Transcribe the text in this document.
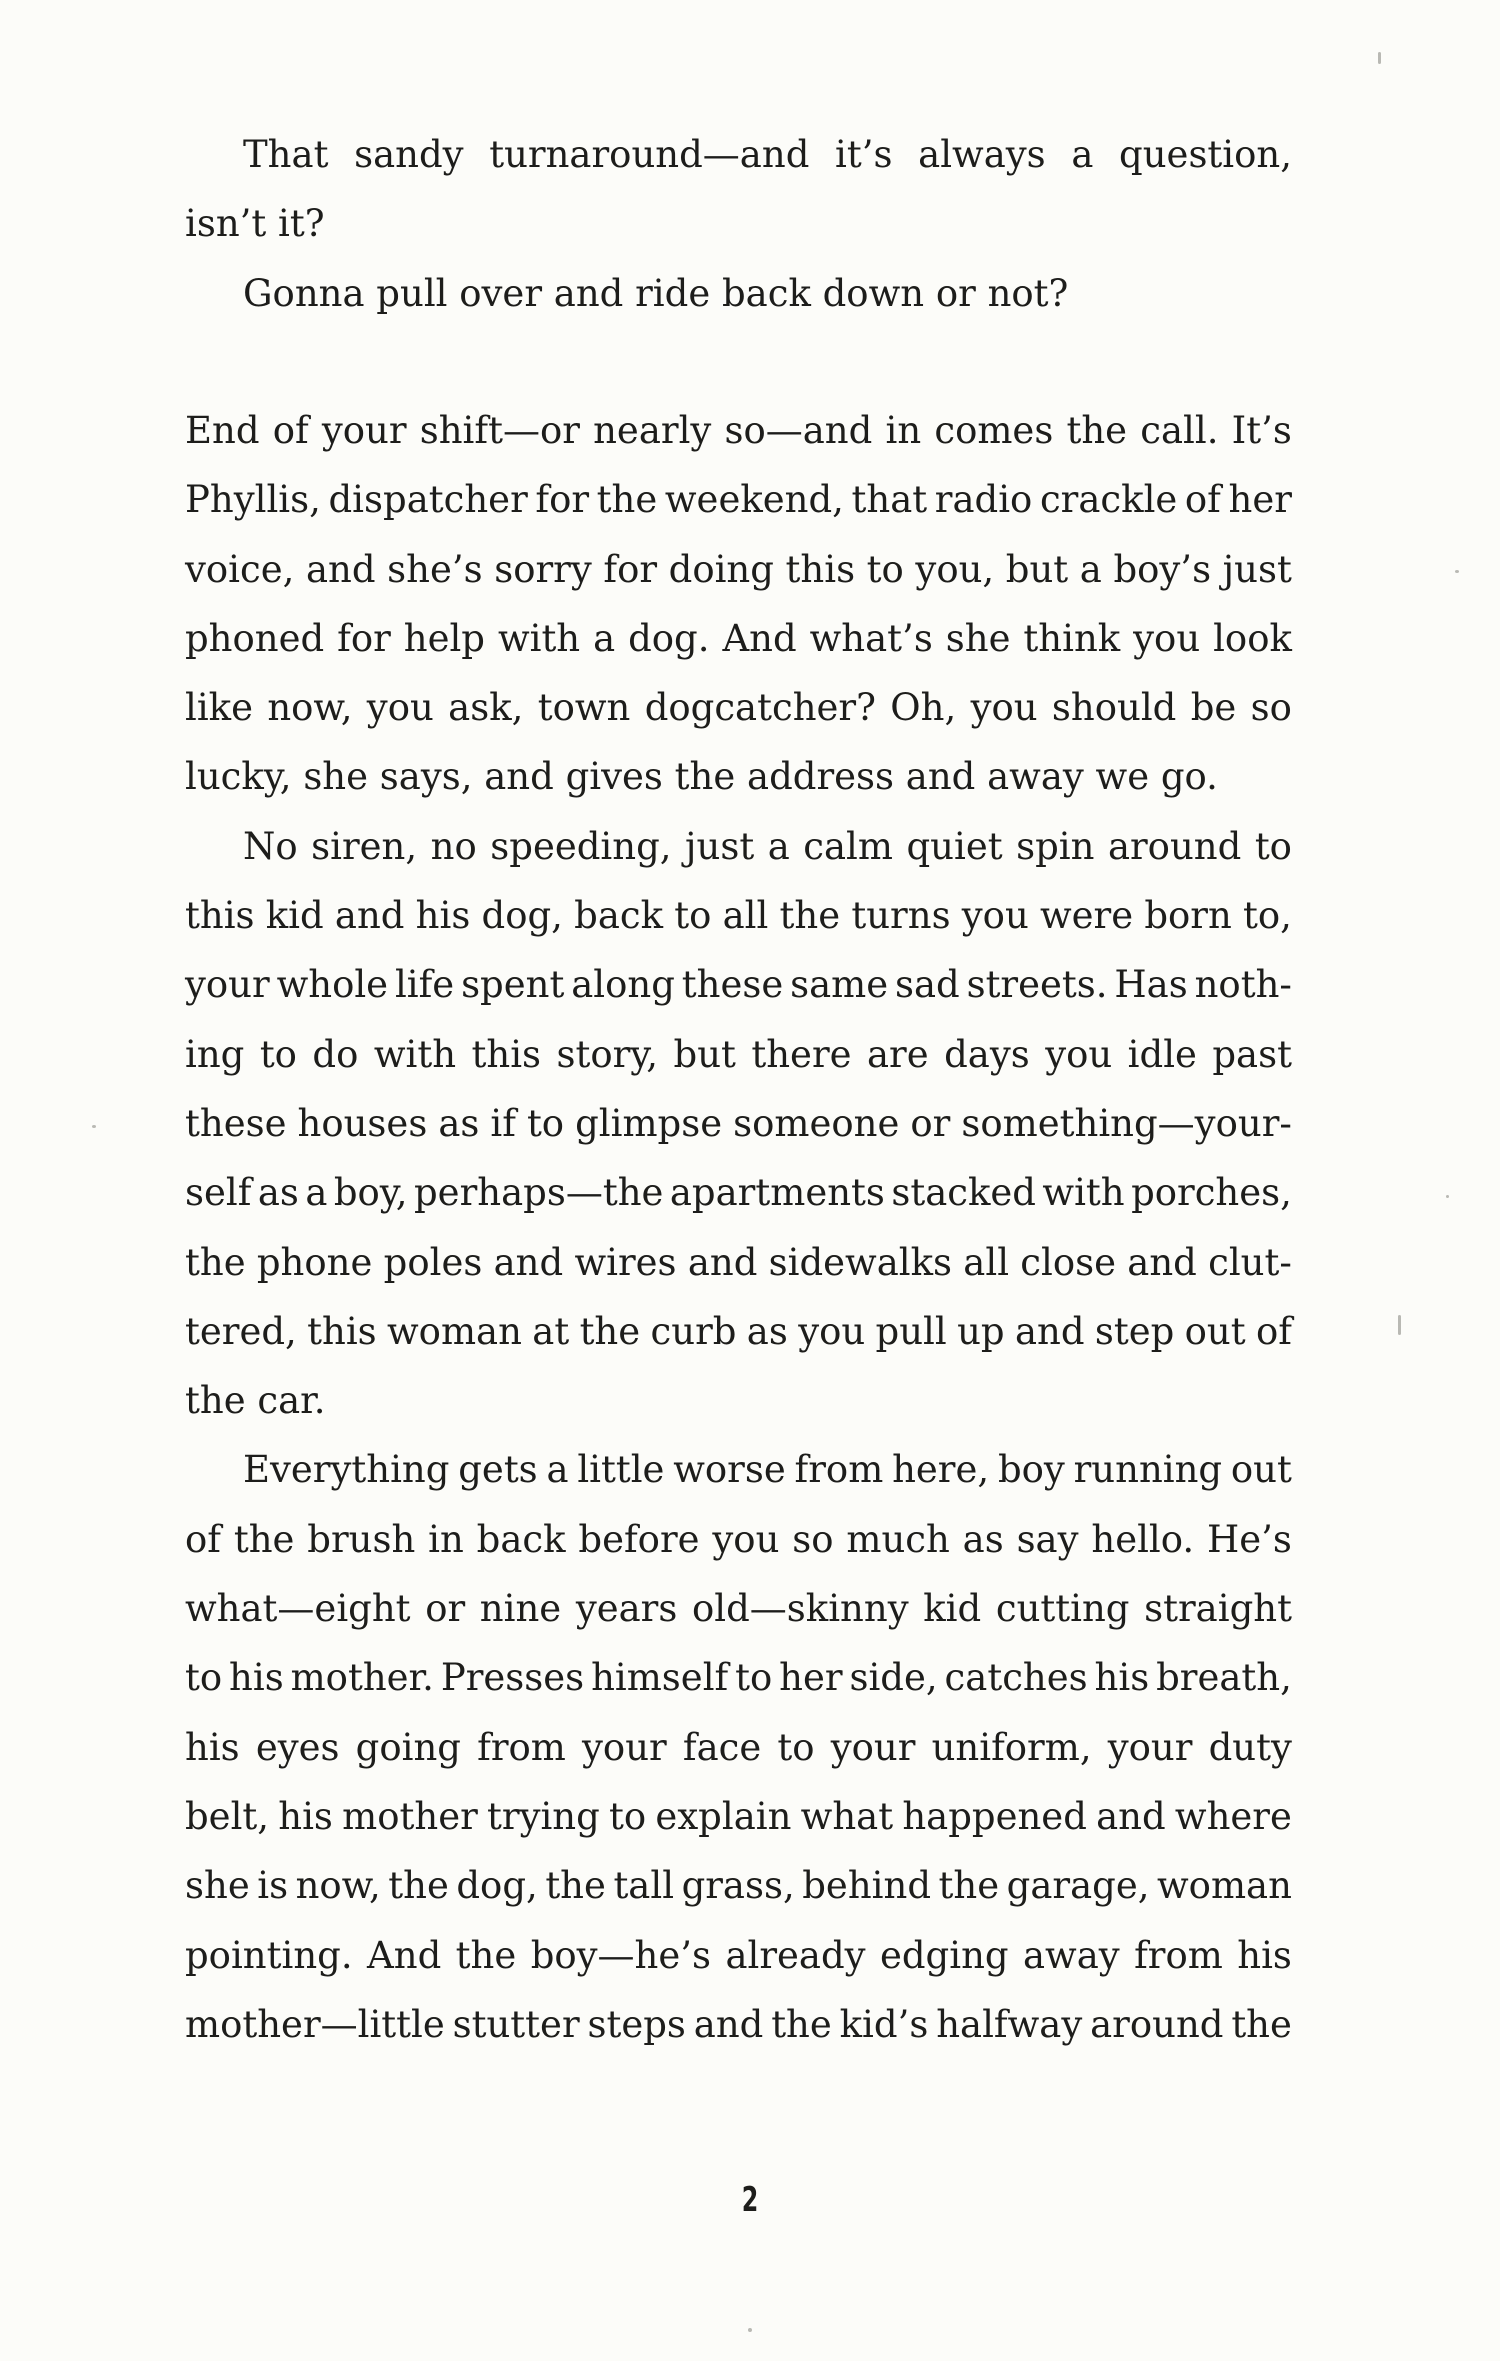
That sandy turnaround—and it’s always a question,
isn’t it?
Gonna pull over and ride back down or not?
End of your shift—or nearly so—and in comes the call. It’s
Phyllis, dispatcher for the weekend, that radio crackle of her
voice, and she’s sorry for doing this to you, but a boy’s just
phoned for help with a dog. And what’s she think you look
like now, you ask, town dogcatcher? Oh, you should be so
lucky, she says, and gives the address and away we go.
No siren, no speeding, just a calm quiet spin around to
this kid and his dog, back to all the turns you were born to,
your whole life spent along these same sad streets. Has noth-
ing to do with this story, but there are days you idle past
these houses as if to glimpse someone or something—your-
self as a boy, perhaps—the apartments stacked with porches,
the phone poles and wires and sidewalks all close and clut-
tered, this woman at the curb as you pull up and step out of
the car.
Everything gets a little worse from here, boy running out
of the brush in back before you so much as say hello. He’s
what—eight or nine years old—skinny kid cutting straight
to his mother. Presses himself to her side, catches his breath,
his eyes going from your face to your uniform, your duty
belt, his mother trying to explain what happened and where
she is now, the dog, the tall grass, behind the garage, woman
pointing. And the boy—he’s already edging away from his
mother—little stutter steps and the kid’s halfway around the
2
